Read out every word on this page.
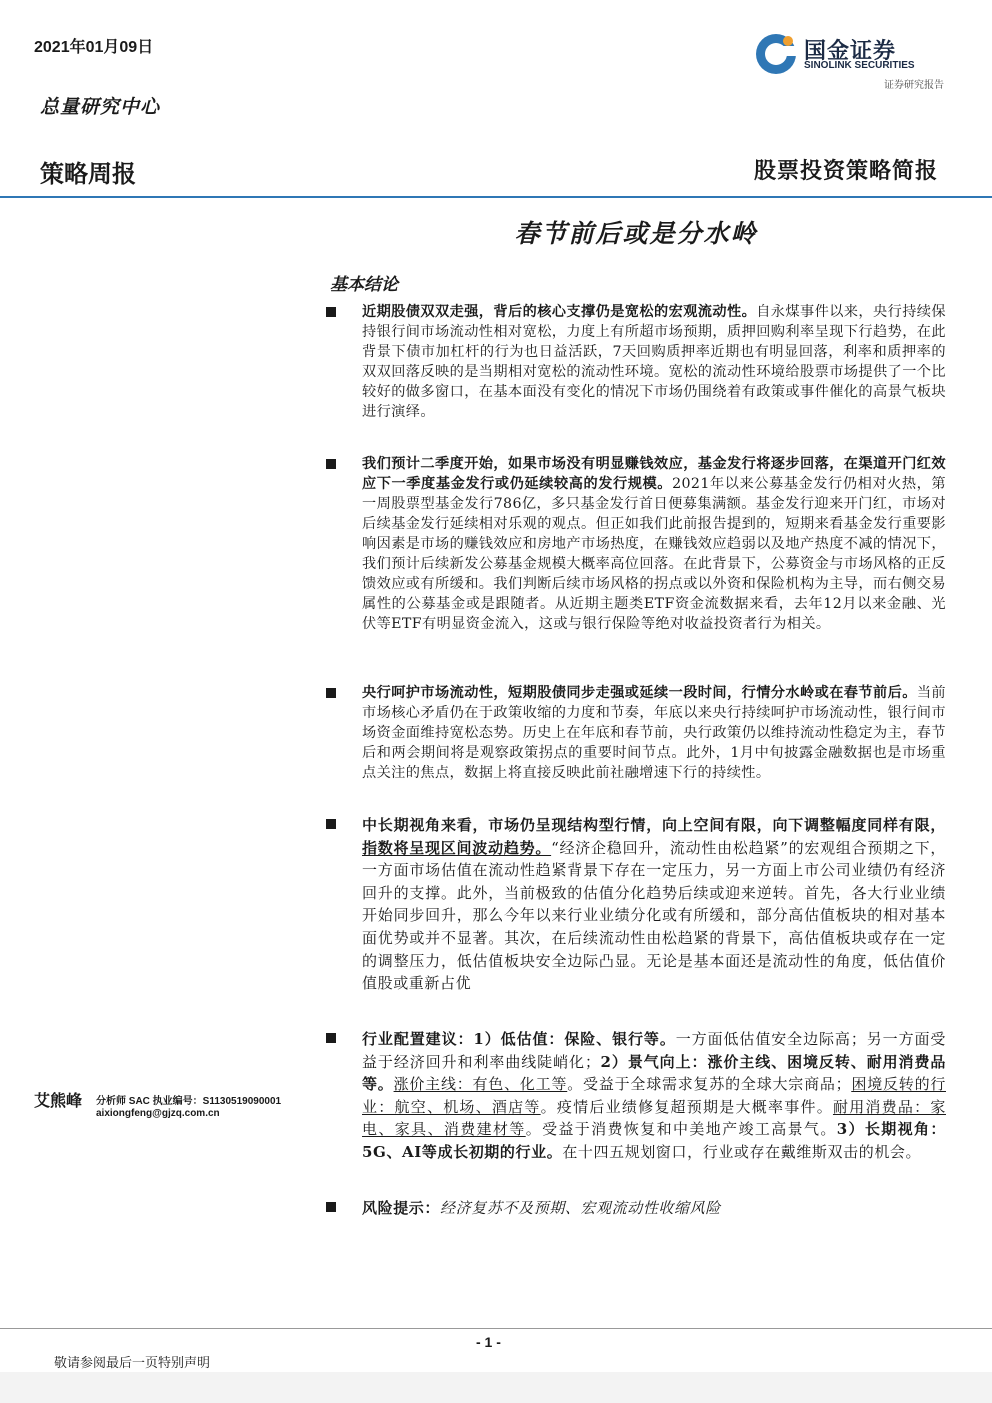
2021年01月09日
总量研究中心
策略周报	股票投资策略简报
国金证券
SINOLINK SECURITIES
证券研究报告
春节前后或是分水岭
基本结论
近期股债双双走强，背后的核心支撑仍是宽松的宏观流动性。自永煤事件以来，央行持续保持银行间市场流动性相对宽松，力度上有所超市场预期，质押回购利率呈现下行趋势，在此背景下债市加杠杆的行为也日益活跃，7天回购质押率近期也有明显回落，利率和质押率的双双回落反映的是当期相对宽松的流动性环境。宽松的流动性环境给股票市场提供了一个比较好的做多窗口，在基本面没有变化的情况下市场仍围绕着有政策或事件催化的高景气板块进行演绎。
我们预计二季度开始，如果市场没有明显赚钱效应，基金发行将逐步回落，在渠道开门红效应下一季度基金发行或仍延续较高的发行规模。2021年以来公募基金发行仍相对火热，第一周股票型基金发行786亿，多只基金发行首日便募集满额。基金发行迎来开门红，市场对后续基金发行延续相对乐观的观点。但正如我们此前报告提到的，短期来看基金发行重要影响因素是市场的赚钱效应和房地产市场热度，在赚钱效应趋弱以及地产热度不减的情况下，我们预计后续新发公募基金规模大概率高位回落。在此背景下，公募资金与市场风格的正反馈效应或有所缓和。我们判断后续市场风格的拐点或以外资和保险机构为主导，而右侧交易属性的公募基金或是跟随者。从近期主题类ETF资金流数据来看，去年12月以来金融、光伏等ETF有明显资金流入，这或与银行保险等绝对收益投资者行为相关。
央行呵护市场流动性，短期股债同步走强或延续一段时间，行情分水岭或在春节前后。当前市场核心矛盾仍在于政策收缩的力度和节奏，年底以来央行持续呵护市场流动性，银行间市场资金面维持宽松态势。历史上在年底和春节前，央行政策仍以维持流动性稳定为主，春节后和两会期间将是观察政策拐点的重要时间节点。此外，1月中旬披露金融数据也是市场重点关注的焦点，数据上将直接反映此前社融增速下行的持续性。
中长期视角来看，市场仍呈现结构型行情，向上空间有限，向下调整幅度同样有限，指数将呈现区间波动趋势。“经济企稳回升，流动性由松趋紧”的宏观组合预期之下，一方面市场估值在流动性趋紧背景下存在一定压力，另一方面上市公司业绩仍有经济回升的支撑。此外，当前极致的估值分化趋势后续或迎来逆转。首先，各大行业业绩开始同步回升，那么今年以来行业业绩分化或有所缓和，部分高估值板块的相对基本面优势或并不显著。其次，在后续流动性由松趋紧的背景下，高估值板块或存在一定的调整压力，低估值板块安全边际凸显。无论是基本面还是流动性的角度，低估值价值股或重新占优
行业配置建议：1）低估值：保险、银行等。一方面低估值安全边际高；另一方面受益于经济回升和利率曲线陡峭化；2）景气向上：涨价主线、困境反转、耐用消费品等。涨价主线：有色、化工等。受益于全球需求复苏的全球大宗商品；困境反转的行业：航空、机场、酒店等。疫情后业绩修复超预期是大概率事件。耐用消费品：家电、家具、消费建材等。受益于消费恢复和中美地产竣工高景气。3）长期视角：5G、AI等成长初期的行业。在十四五规划窗口，行业或存在戴维斯双击的机会。
风险提示：经济复苏不及预期、宏观流动性收缩风险
艾熊峰 分析师 SAC 执业编号：S1130519090001
aixiongfeng@gjzq.com.cn
- 1 -
敬请参阅最后一页特别声明
